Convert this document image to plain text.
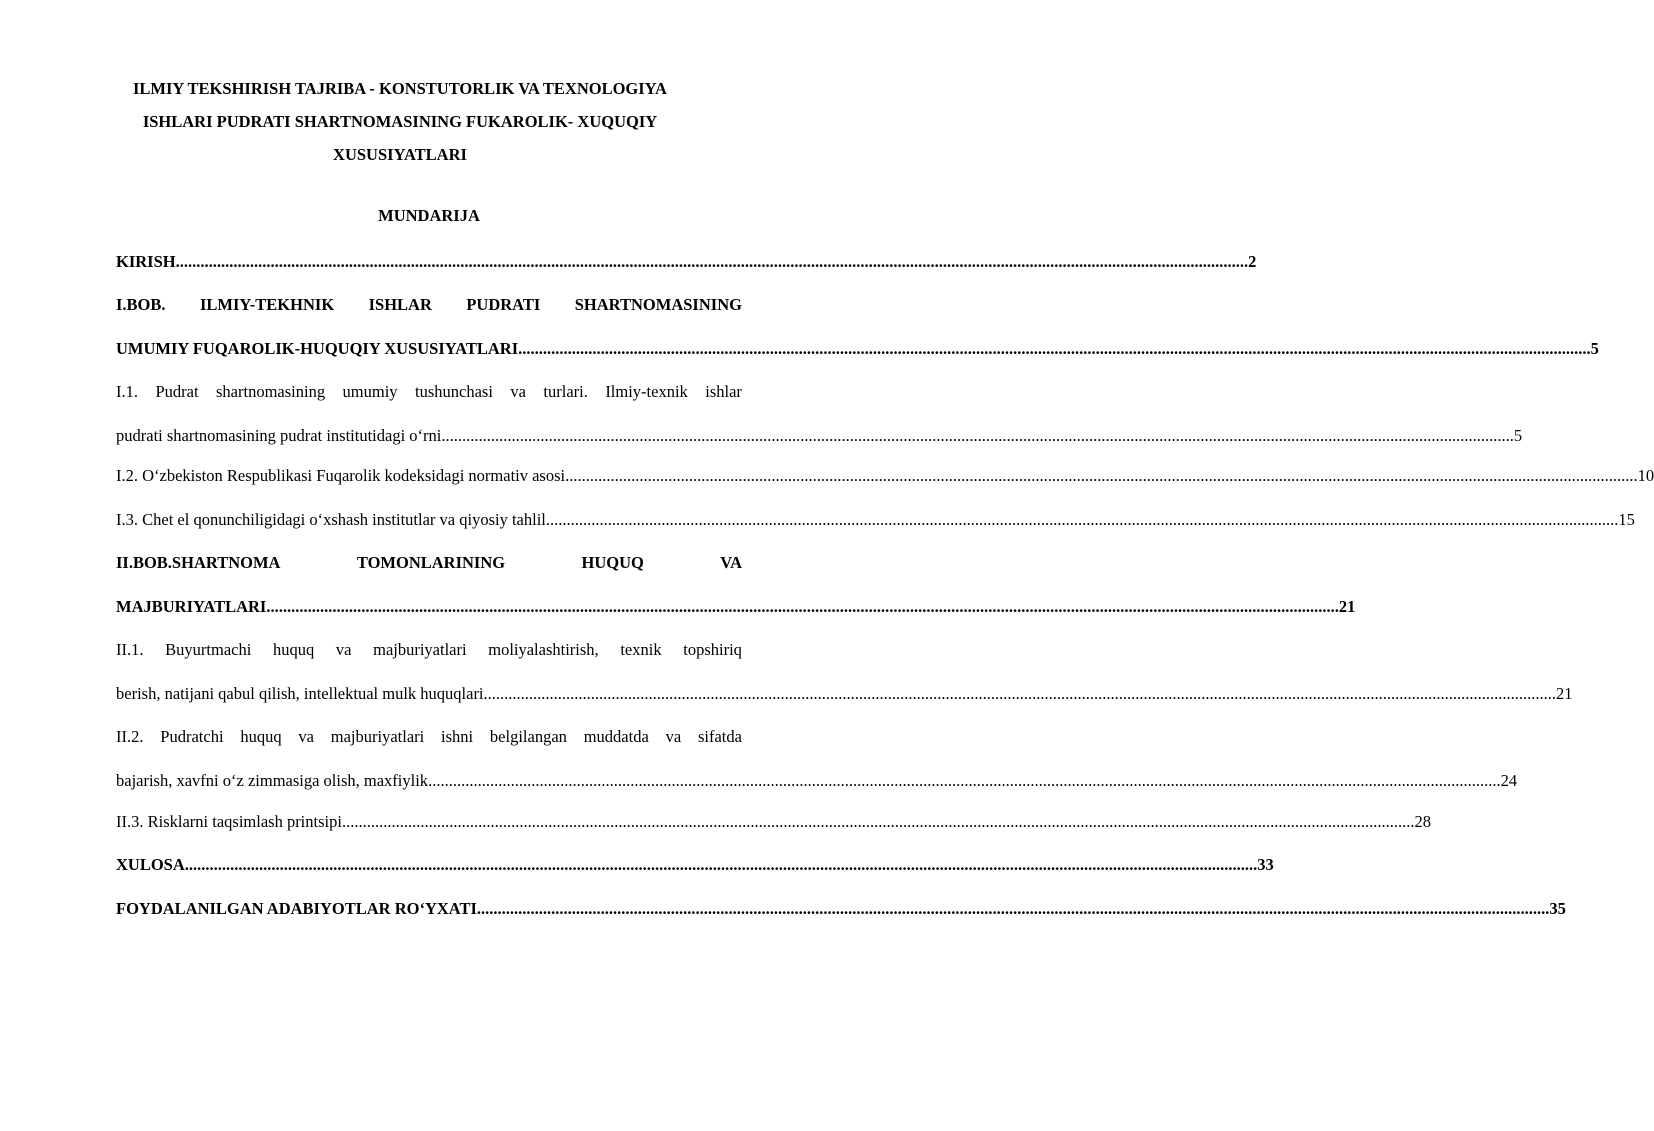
ILMIY TEKSHIRISH TAJRIBA - KONSTUTORLIK VA TEXNOLOGIYA
ISHLARI PUDRATI SHARTNOMASINING FUKAROLIK- XUQUQIY
XUSUSIYATLARI
MUNDARIJA
KIRISH .....	2
I.BOB. ILMIY-TEKHNIK ISHLAR PUDRATI SHARTNOMASINING
UMUMIY FUQAROLIK-HUQUQIY XUSUSIYATLARI .....	5
I.1. Pudrat shartnomasining umumiy tushunchasi va turlari. Ilmiy-texnik ishlar
pudrati shartnomasining pudrat institutidagi o‘rni .....	5
I.2. O‘zbekiston Respublikasi Fuqarolik kodeksidagi normativ asosi .....	10
I.3. Chet el qonunchiligidagi o‘xshash institutlar va qiyosiy tahlil .....	15
II.BOB.SHARTNOMA	TOMONLARINING	HUQUQ	VA
MAJBURIYATLARI .....	21
II.1. Buyurtmachi huquq va majburiyatlari moliyalashtirish, texnik topshiriq
berish, natijani qabul qilish, intellektual mulk huquqlari .....	21
II.2. Pudratchi huquq va majburiyatlari ishni belgilangan muddatda va sifatda
bajarish, xavfni o‘z zimmasiga olish, maxfiylik .....	24
II.3. Risklarni taqsimlash printsipi .....	28
XULOSA .....	33
FOYDALANILGAN ADABIYOTLAR RO‘YXATI .....	35
